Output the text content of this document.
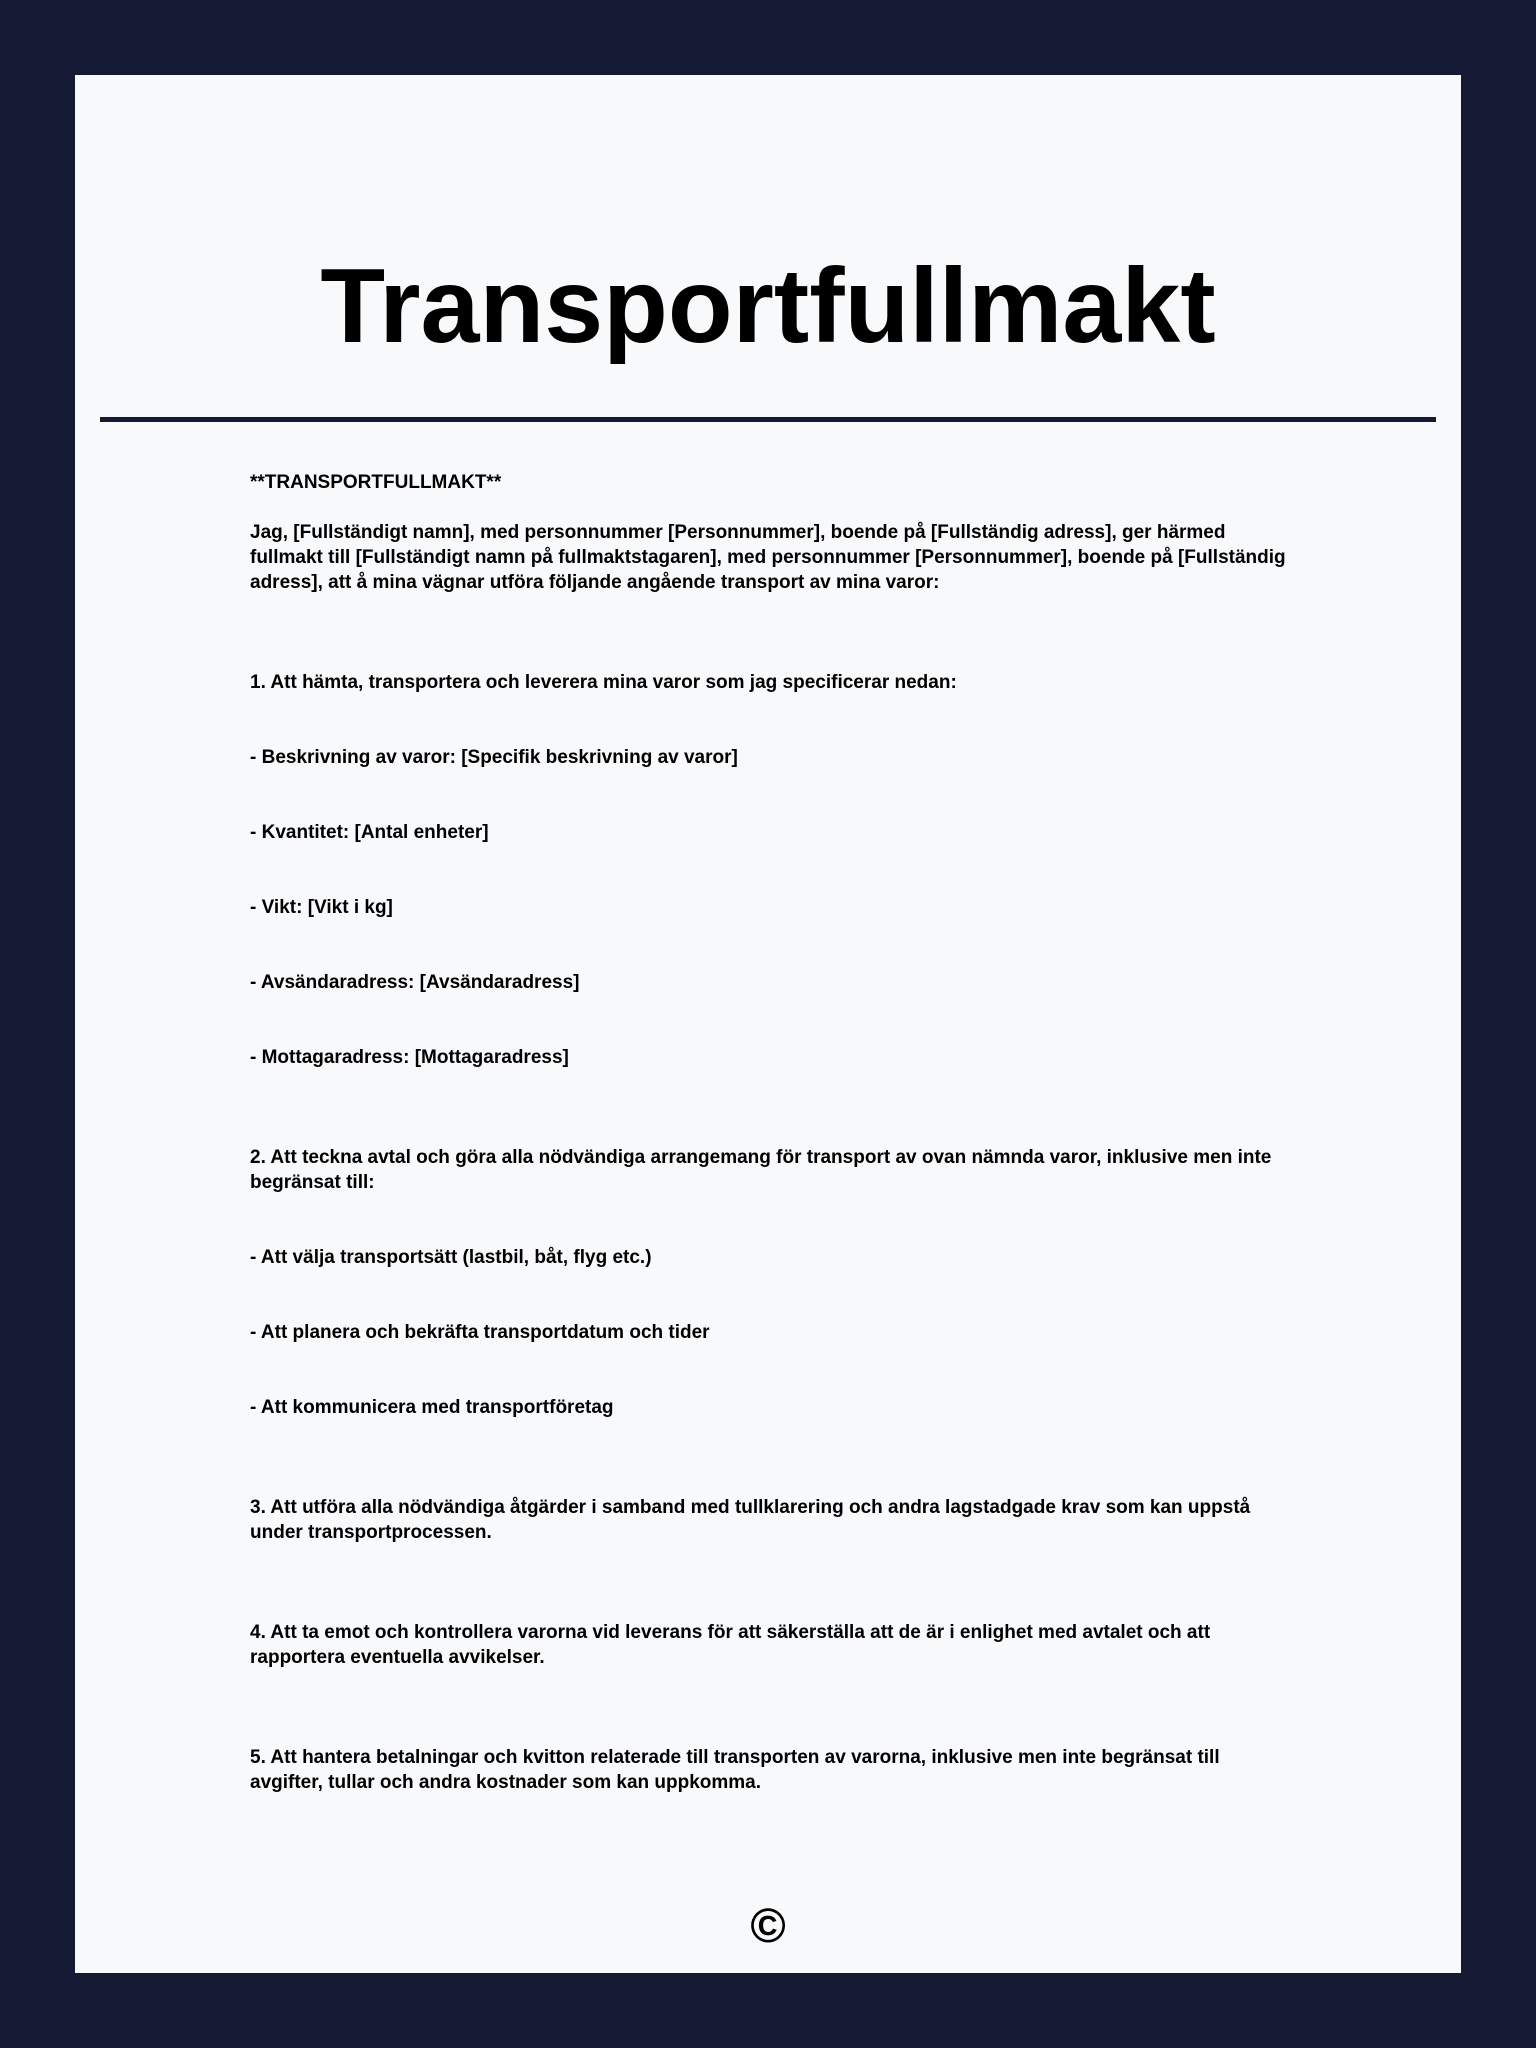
Transportfullmakt

**TRANSPORTFULLMAKT**

Jag, [Fullständigt namn], med personnummer [Personnummer], boende på [Fullständig adress], ger härmed fullmakt till [Fullständigt namn på fullmaktstagaren], med personnummer [Personnummer], boende på [Fullständig adress], att å mina vägnar utföra följande angående transport av mina varor:

1. Att hämta, transportera och leverera mina varor som jag specificerar nedan:

- Beskrivning av varor: [Specifik beskrivning av varor]

- Kvantitet: [Antal enheter]

- Vikt: [Vikt i kg]

- Avsändaradress: [Avsändaradress]

- Mottagaradress: [Mottagaradress]

2. Att teckna avtal och göra alla nödvändiga arrangemang för transport av ovan nämnda varor, inklusive men inte begränsat till:

- Att välja transportsätt (lastbil, båt, flyg etc.)

- Att planera och bekräfta transportdatum och tider

- Att kommunicera med transportföretag

3. Att utföra alla nödvändiga åtgärder i samband med tullklarering och andra lagstadgade krav som kan uppstå under transportprocessen.

4. Att ta emot och kontrollera varorna vid leverans för att säkerställa att de är i enlighet med avtalet och att rapportera eventuella avvikelser.

5. Att hantera betalningar och kvitton relaterade till transporten av varorna, inklusive men inte begränsat till avgifter, tullar och andra kostnader som kan uppkomma.

©
